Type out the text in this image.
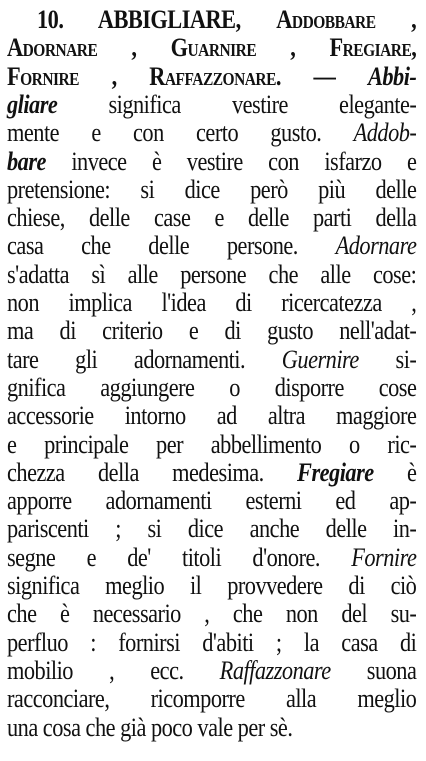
10. ABBIGLIARE, Addobbare ,
Adornare , Guarnire , Fregiare,
Fornire , Raffazzonare. — Abbi-
gliare significa vestire elegante-
mente e con certo gusto. Addob-
bare invece è vestire con isfarzo e
pretensione: si dice però più delle
chiese, delle case e delle parti della
casa che delle persone. Adornare
s'adatta sì alle persone che alle cose:
non implica l'idea di ricercatezza ,
ma di criterio e di gusto nell'adat-
tare gli adornamenti. Guernire si-
gnifica aggiungere o disporre cose
accessorie intorno ad altra maggiore
e principale per abbellimento o ric-
chezza della medesima. Fregiare è
apporre adornamenti esterni ed ap-
pariscenti ; si dice anche delle in-
segne e de' titoli d'onore. Fornire
significa meglio il provvedere di ciò
che è necessario , che non del su-
perfluo : fornirsi d'abiti ; la casa di
mobilio , ecc. Raffazzonare suona
racconciare, ricomporre alla meglio
una cosa che già poco vale per sè.
